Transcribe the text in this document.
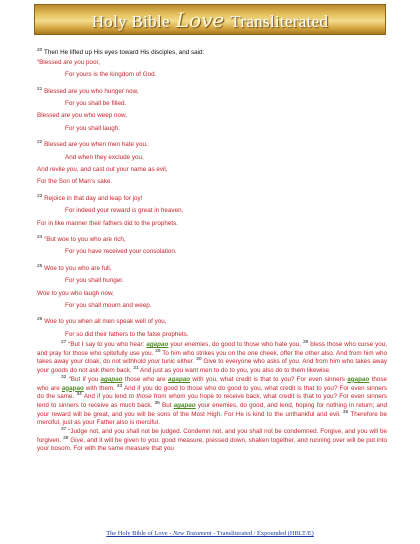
Holy Bible Love Transliterated

$^{20}$ Then He lifted up His eyes toward His disciples, and said:

“Blessed are you poor,
For yours is the kingdom of God.
$^{21}$ Blessed are you who hunger now,
For you shall be filled.
Blessed are you who weep now,
For you shall laugh.
$^{22}$ Blessed are you when men hate you,
And when they exclude you,
And revile you, and cast out your name as evil,
For the Son of Man’s sake.
$^{23}$ Rejoice in that day and leap for joy!
For indeed your reward is great in heaven,
For in like manner their fathers did to the prophets.
$^{24}$ “But woe to you who are rich,
For you have received your consolation.
$^{25}$ Woe to you who are full,
For you shall hunger.
Woe to you who laugh now,
For you shall mourn and weep.
$^{26}$ Woe to you when all men speak well of you,
For so did their fathers to the false prophets.

$^{27}$ “But I say to you who hear: agapao your enemies, do good to those who hate you, $^{28}$ bless those who curse you, and pray for those who spitefully use you. $^{29}$ To him who strikes you on the one cheek, offer the other also. And from him who takes away your cloak, do not withhold your tunic either. $^{30}$ Give to everyone who asks of you. And from him who takes away your goods do not ask them back. $^{31}$ And just as you want men to do to you, you also do to them likewise.

$^{32}$ “But if you agapao those who are agapao with you, what credit is that to you? For even sinners agapao those who are agapao with them. $^{33}$ And if you do good to those who do good to you, what credit is that to you? For even sinners do the same. $^{34}$ And if you lend to those from whom you hope to receive back, what credit is that to you? For even sinners lend to sinners to receive as much back. $^{35}$ But agapao your enemies, do good, and lend, hoping for nothing in return; and your reward will be great, and you will be sons of the Most High. For He is kind to the unthankful and evil. $^{36}$ Therefore be merciful, just as your Father also is merciful.

$^{37}$ “Judge not, and you shall not be judged. Condemn not, and you shall not be condemned. Forgive, and you will be forgiven. $^{38}$ Give, and it will be given to you: good measure, pressed down, shaken together, and running over will be put into your bosom. For with the same measure that you

The Holy Bible of Love - New Testament - Transliterated / Expounded (HBLT/E)
